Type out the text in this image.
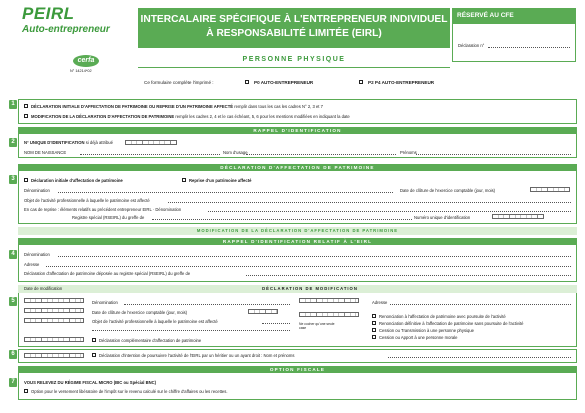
PEIRL
Auto-entrepreneur
INTERCALAIRE SPÉCIFIQUE À L'ENTREPRENEUR INDIVIDUEL
À RESPONSABILITÉ LIMITÉE (EIRL)
RÉSERVÉ AU CFE
Déclaration n°
cerfa
N° 14214*02
PERSONNE PHYSIQUE
Ce formulaire complète l'imprimé :	P0 AUTO-ENTREPRENEUR	P2 P4 AUTO-ENTREPRENEUR
1	DÉCLARATION INITIALE D'AFFECTATION DE PATRIMOINE OU REPRISE D'UN PATRIMOINE AFFECTÉ remplir dans tous les cas les cadres N° 2, 3 et 7
MODIFICATION DE LA DÉCLARATION D'AFFECTATION DE PATRIMOINE remplir les cadres 2, 4 et le cas échéant, 5, 6 pour les mentions modifiées en indiquant la date
RAPPEL D'IDENTIFICATION
2	N° UNIQUE D'IDENTIFICATION si déjà attribué
NOM DE NAISSANCE	Nom d'usage	Prénoms
DÉCLARATION D'AFFECTATION DE PATRIMOINE
3	Déclaration initiale d'affectation de patrimoine	Reprise d'un patrimoine affecté
Dénomination	Date de clôture de l'exercice comptable (jour, mois)
Objet de l'activité professionnelle à laquelle le patrimoine est affecté
En cas de reprise : éléments relatifs au précédent entrepreneur EIRL · Dénomination
Registre spécial (RSEIRL) du greffe de	Numéro unique d'identification
MODIFICATION DE LA DÉCLARATION D'AFFECTATION DE PATRIMOINE
RAPPEL D'IDENTIFICATION RELATIF À L'EIRL
4	Dénomination
Adresse
Déclaration d'affectation de patrimoine déposée au registre spécial (RSEIRL) du greffe de
Date de modification	DÉCLARATION DE MODIFICATION
5	Dénomination
Date de clôture de l'exercice comptable (jour, mois)
Objet de l'activité professionnelle à laquelle le patrimoine est affecté
Déclaration complémentaire d'affectation de patrimoine
Adresse
Ne cocher qu'une seule case
Renonciation à l'affectation de patrimoine avec poursuite de l'activité
Renonciation définitive à l'affectation de patrimoine sans poursuite de l'activité
Cession ou Transmission à une personne physique
Cession ou Apport à une personne morale
6	Déclaration d'intention de poursuivre l'activité de l'EIRL par un héritier ou un ayant droit : Nom et prénoms
OPTION FISCALE
7	VOUS RELEVEZ DU RÉGIME FISCAL MICRO (BIC ou Spécial BNC)
Option pour le versement libératoire de l'impôt sur le revenu calculé sur le chiffre d'affaires ou les recettes.
